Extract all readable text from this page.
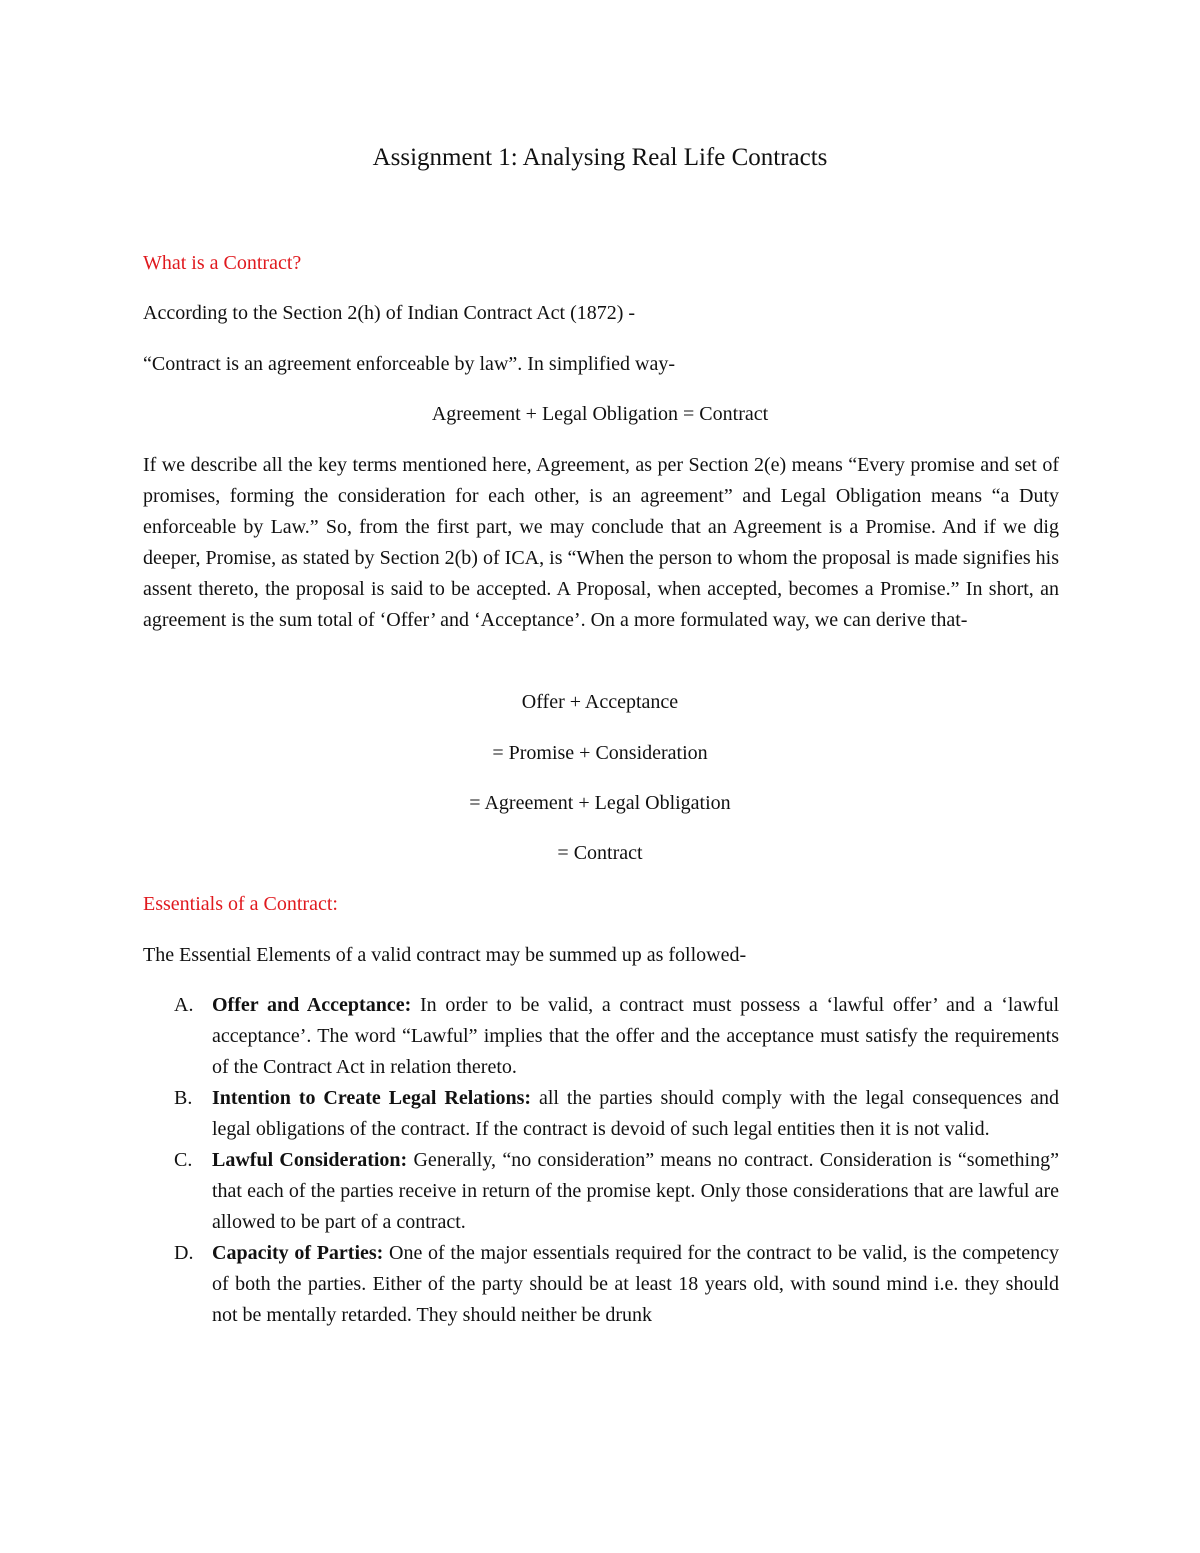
Assignment 1: Analysing Real Life Contracts
What is a Contract?
According to the Section 2(h) of Indian Contract Act (1872) -
“Contract is an agreement enforceable by law”. In simplified way-
Agreement + Legal Obligation = Contract
If we describe all the key terms mentioned here, Agreement, as per Section 2(e) means “Every promise and set of promises, forming the consideration for each other, is an agreement” and Legal Obligation means “a Duty enforceable by Law.” So, from the first part, we may conclude that an Agreement is a Promise. And if we dig deeper, Promise, as stated by Section 2(b) of ICA, is “When the person to whom the proposal is made signifies his assent thereto, the proposal is said to be accepted. A Proposal, when accepted, becomes a Promise.” In short, an agreement is the sum total of ‘Offer’ and ‘Acceptance’. On a more formulated way, we can derive that-
Offer + Acceptance
= Promise + Consideration
= Agreement + Legal Obligation
= Contract
Essentials of a Contract:
The Essential Elements of a valid contract may be summed up as followed-
A. Offer and Acceptance: In order to be valid, a contract must possess a ‘lawful offer’ and a ‘lawful acceptance’. The word “Lawful” implies that the offer and the acceptance must satisfy the requirements of the Contract Act in relation thereto.
B. Intention to Create Legal Relations: all the parties should comply with the legal consequences and legal obligations of the contract. If the contract is devoid of such legal entities then it is not valid.
C. Lawful Consideration: Generally, “no consideration” means no contract. Consideration is “something” that each of the parties receive in return of the promise kept. Only those considerations that are lawful are allowed to be part of a contract.
D. Capacity of Parties: One of the major essentials required for the contract to be valid, is the competency of both the parties. Either of the party should be at least 18 years old, with sound mind i.e. they should not be mentally retarded. They should neither be drunk
